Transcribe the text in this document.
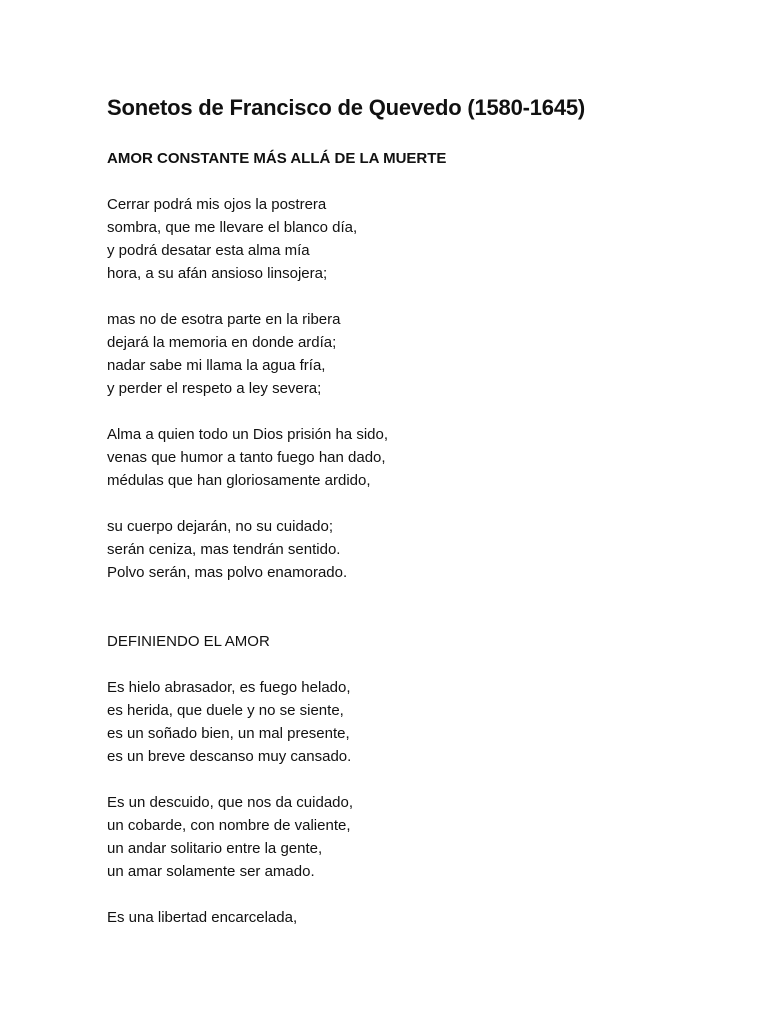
Sonetos de Francisco de Quevedo (1580-1645)
AMOR CONSTANTE MÁS ALLÁ DE LA MUERTE
Cerrar podrá mis ojos la postrera
sombra, que me llevare el blanco día,
y podrá desatar esta alma mía
hora, a su afán ansioso linsojera;
mas no de esotra parte en la ribera
dejará la memoria en donde ardía;
nadar sabe mi llama la agua fría,
y perder el respeto a ley severa;
Alma a quien todo un Dios prisión ha sido,
venas que humor a tanto fuego han dado,
médulas que han gloriosamente ardido,
su cuerpo dejarán, no su cuidado;
serán ceniza, mas tendrán sentido.
Polvo serán, mas polvo enamorado.
DEFINIENDO EL AMOR
Es hielo abrasador, es fuego helado,
es herida, que duele y no se siente,
es un soñado bien, un mal presente,
es un breve descanso muy cansado.
Es un descuido, que nos da cuidado,
un cobarde, con nombre de valiente,
un andar solitario entre la gente,
un amar solamente ser amado.
Es una libertad encarcelada,
